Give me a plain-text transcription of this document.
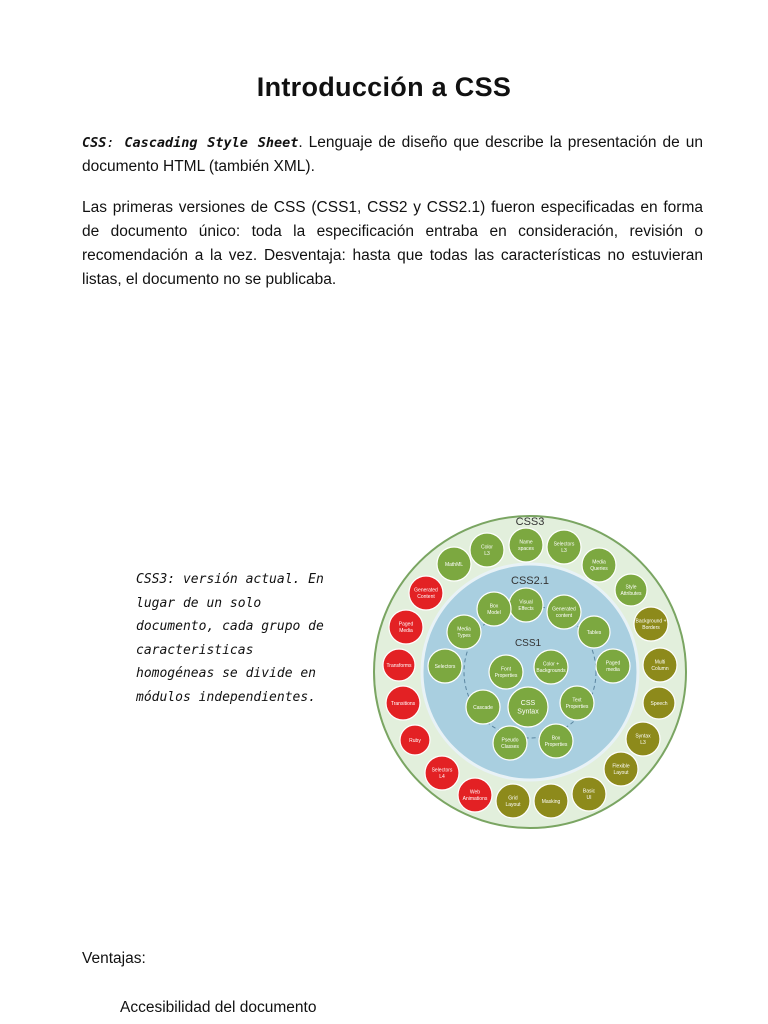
Introducción a CSS

CSS: Cascading Style Sheet. Lenguaje de diseño que describe la presentación de un documento HTML (también XML).

Las primeras versiones de CSS (CSS1, CSS2 y CSS2.1) fueron especificadas en forma de documento único: toda la especificación entraba en consideración, revisión o recomendación a la vez. Desventaja: hasta que todas las características no estuvieran listas, el documento no se publicaba.

CSS3: versión actual. En lugar de un solo documento, cada grupo de caracteristicas homogéneas se divide en módulos independientes.

CSS3
CSS2.1
CSS1
CSS
Syntax
Font
Properties
Color +
Backgrounds
Text
Properties
Box
Properties
Pseudo
Classes
Cascade
Visual
Effects	Generated
content
Tables
Paged
media
Selectors
Media
Types
Box
Model
Name
spaces
Selectors
L3
Media
Queries
Style
Attributes
Background +
Borders
Multi
Column
Speech
Syntax
L3
Flexible
Layout
Basic
UI
Masking
Grid
Layout
Web
Animations
Selectors
L4
Ruby
Transitions
Transforms
Paged
Media
Generated
Content
MathML
Color
L3
Ventajas:
Accesibilidad del documento
